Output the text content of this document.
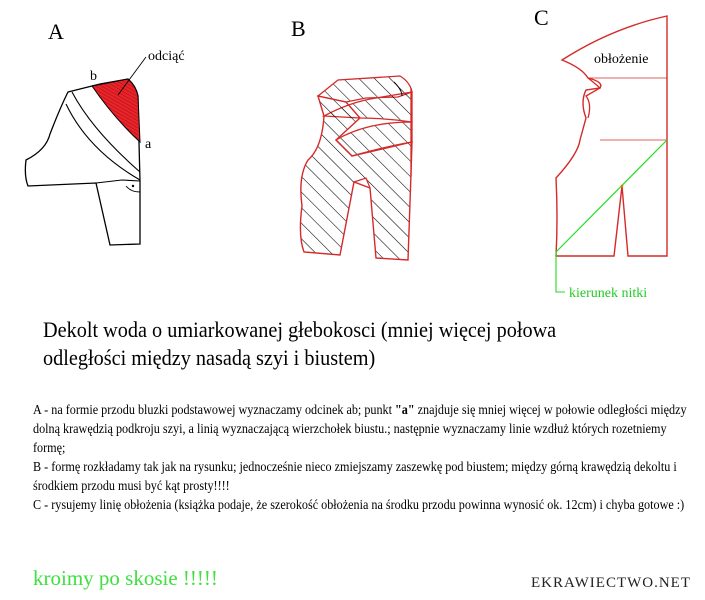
A
odciąć
b
a
B	C
obłożenie
kierunek nitki
Dekolt woda o umiarkowanej głebokosci (mniej więcej połowa
odległości między nasadą szyi i biustem)

A - na formie przodu bluzki podstawowej wyznaczamy odcinek ab; punkt "a" znajduje się mniej więcej w połowie odległości między dolną krawędzią podkroju szyi, a linią wyznaczającą wierzchołek biustu.; następnie wyznaczamy linie wzdłuż których rozetniemy formę;

B - formę rozkładamy tak jak na rysunku; jednocześnie nieco zmiejszamy zaszewkę pod biustem; między górną krawędzią dekoltu i środkiem przodu musi być kąt prosty!!!!

C - rysujemy linię obłożenia (książka podaje, że szerokość obłożenia na środku przodu powinna wynosić ok. 12cm) i chyba gotowe :)

kroimy po skosie !!!!!	EKRAWIECTWO.NET
